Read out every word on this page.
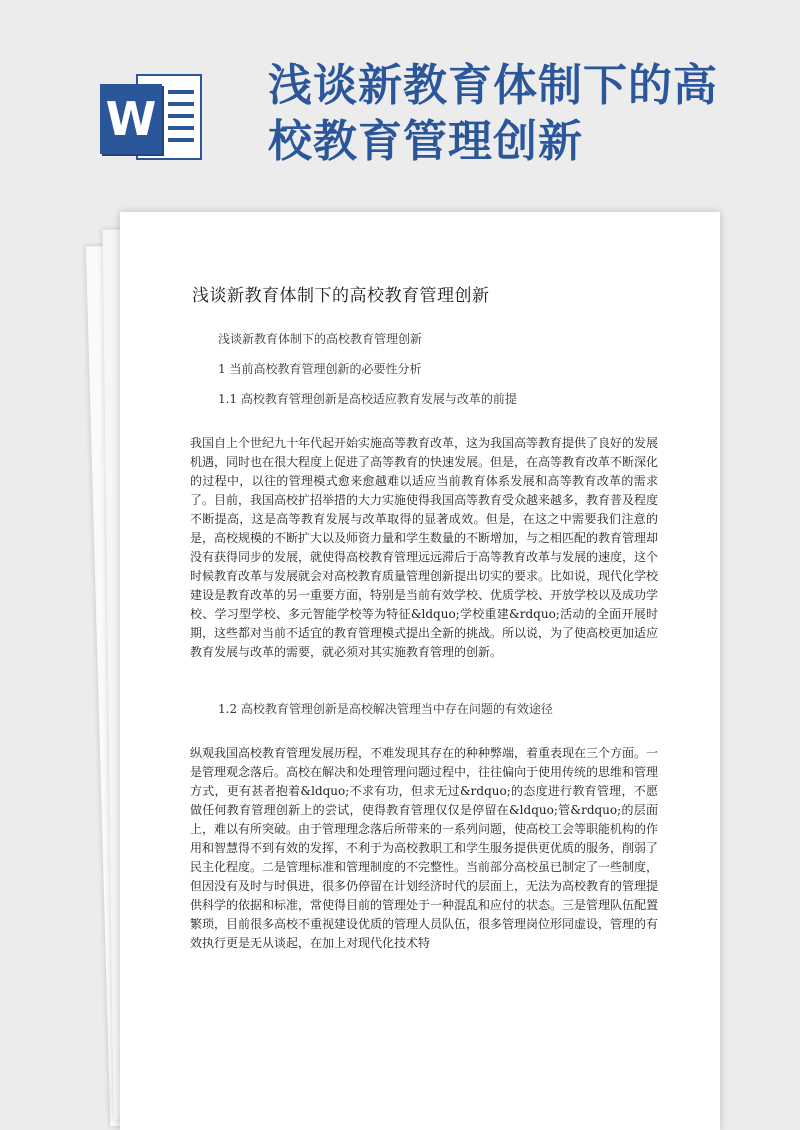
W
浅谈新教育体制下的高校教育管理创新
浅谈新教育体制下的高校教育管理创新

浅谈新教育体制下的高校教育管理创新

1 当前高校教育管理创新的必要性分析

1.1 高校教育管理创新是高校适应教育发展与改革的前提

我国自上个世纪九十年代起开始实施高等教育改革，这为我国高等教育提供了良好的发展机遇，同时也在很大程度上促进了高等教育的快速发展。但是，在高等教育改革不断深化的过程中，以往的管理模式愈来愈越难以适应当前教育体系发展和高等教育改革的需求了。目前，我国高校扩招举措的大力实施使得我国高等教育受众越来越多，教育普及程度不断提高，这是高等教育发展与改革取得的显著成效。但是，在这之中需要我们注意的是，高校规模的不断扩大以及师资力量和学生数量的不断增加，与之相匹配的教育管理却没有获得同步的发展，就使得高校教育管理远远滞后于高等教育改革与发展的速度，这个时候教育改革与发展就会对高校教育质量管理创新提出切实的要求。比如说，现代化学校建设是教育改革的另一重要方面，特别是当前有效学校、优质学校、开放学校以及成功学校、学习型学校、多元智能学校等为特征&ldquo;学校重建&rdquo;活动的全面开展时期，这些都对当前不适宜的教育管理模式提出全新的挑战。所以说，为了使高校更加适应教育发展与改革的需要，就必须对其实施教育管理的创新。

1.2 高校教育管理创新是高校解决管理当中存在问题的有效途径

纵观我国高校教育管理发展历程，不难发现其存在的种种弊端，着重表现在三个方面。一是管理观念落后。高校在解决和处理管理问题过程中，往往偏向于使用传统的思维和管理方式，更有甚者抱着&ldquo;不求有功，但求无过&rdquo;的态度进行教育管理，不愿做任何教育管理创新上的尝试，使得教育管理仅仅是停留在&ldquo;管&rdquo;的层面上，难以有所突破。由于管理理念落后所带来的一系列问题，使高校工会等职能机构的作用和智慧得不到有效的发挥，不利于为高校教职工和学生服务提供更优质的服务，削弱了民主化程度。二是管理标准和管理制度的不完整性。当前部分高校虽已制定了一些制度，但因没有及时与时俱进，很多仍停留在计划经济时代的层面上，无法为高校教育的管理提供科学的依据和标准，常使得目前的管理处于一种混乱和应付的状态。三是管理队伍配置繁琐，目前很多高校不重视建设优质的管理人员队伍，很多管理岗位形同虚设，管理的有效执行更是无从谈起，在加上对现代化技术特
